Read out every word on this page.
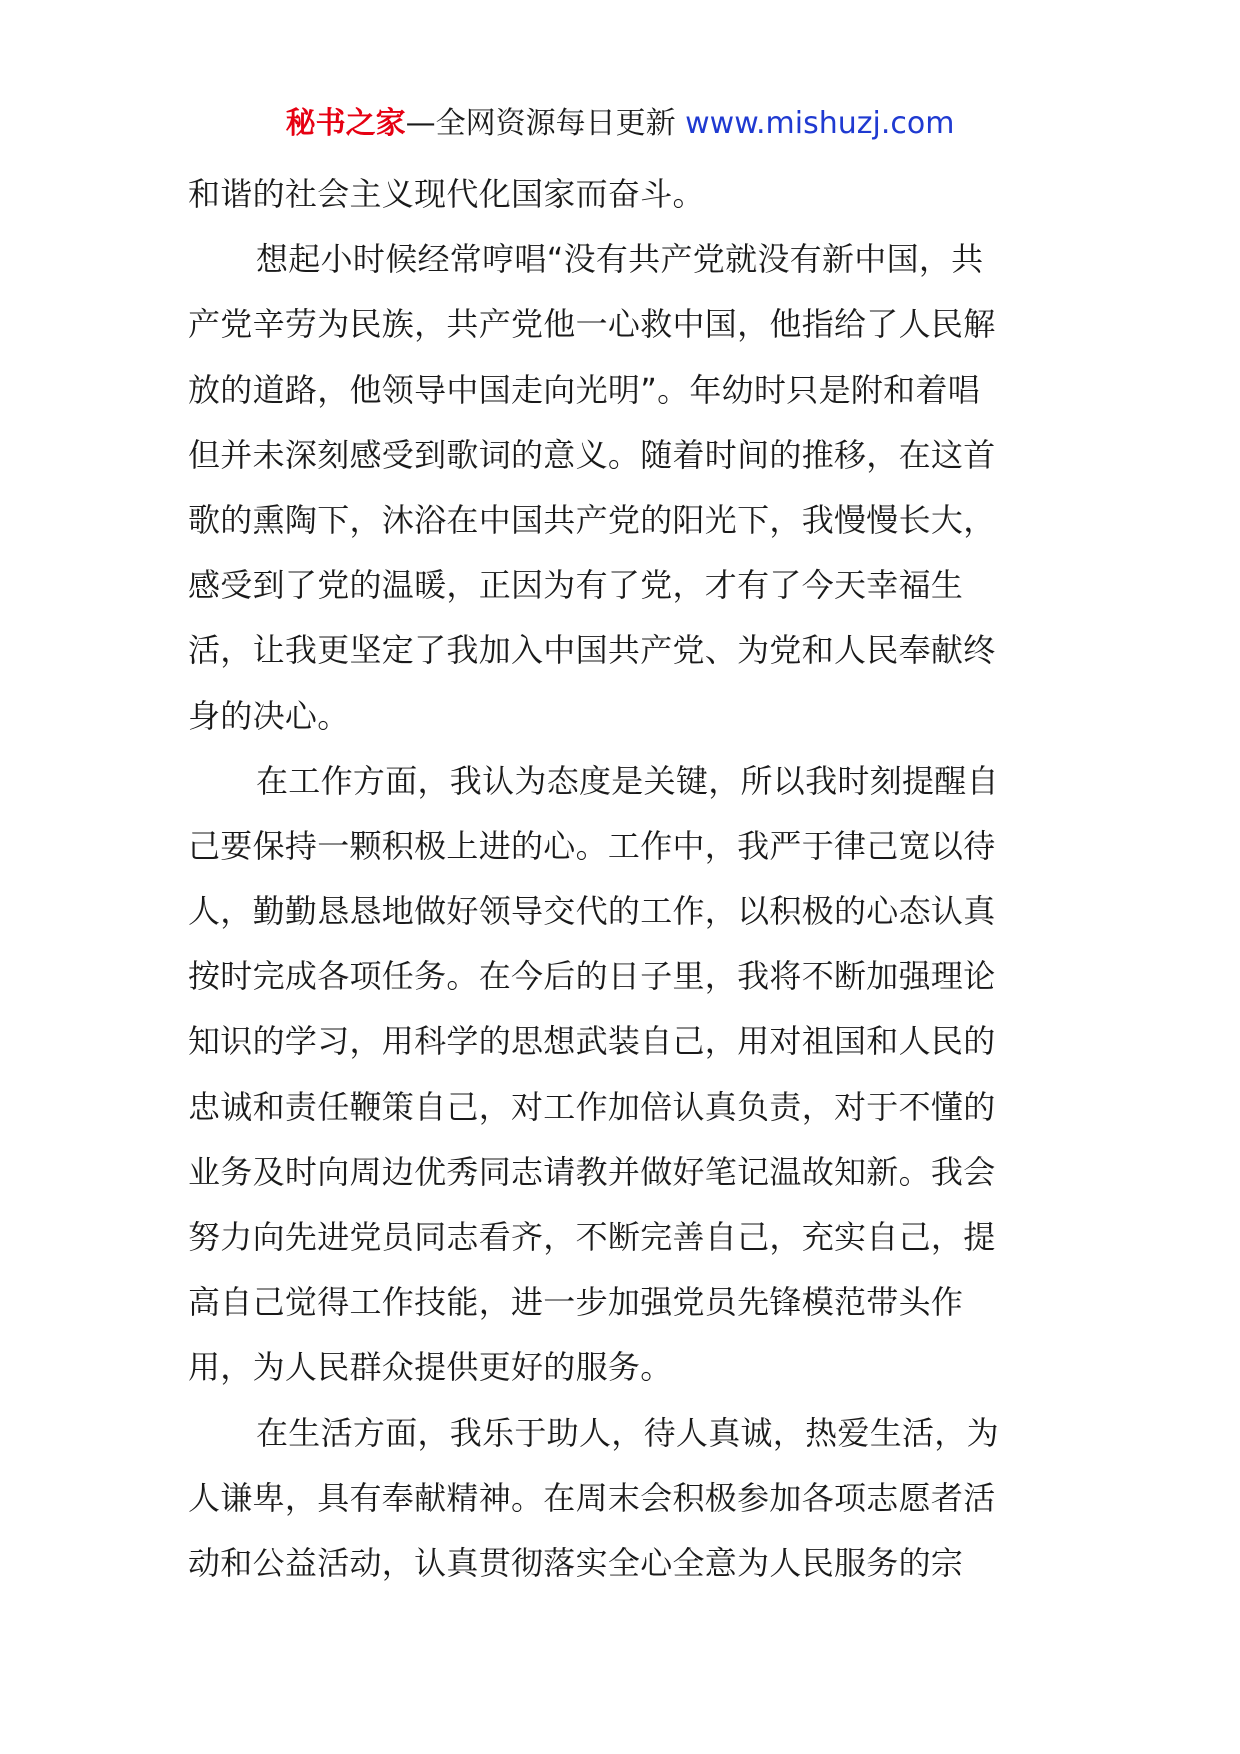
秘书之家—全网资源每日更新 www.mishuzj.com
和谐的社会主义现代化国家而奋斗。
想起小时候经常哼唱“没有共产党就没有新中国，共
产党辛劳为民族，共产党他一心救中国，他指给了人民解
放的道路，他领导中国走向光明”。年幼时只是附和着唱
但并未深刻感受到歌词的意义。随着时间的推移，在这首
歌的熏陶下，沐浴在中国共产党的阳光下，我慢慢长大，
感受到了党的温暖，正因为有了党，才有了今天幸福生
活，让我更坚定了我加入中国共产党、为党和人民奉献终
身的决心。
在工作方面，我认为态度是关键，所以我时刻提醒自
己要保持一颗积极上进的心。工作中，我严于律己宽以待
人，勤勤恳恳地做好领导交代的工作，以积极的心态认真
按时完成各项任务。在今后的日子里，我将不断加强理论
知识的学习，用科学的思想武装自己，用对祖国和人民的
忠诚和责任鞭策自己，对工作加倍认真负责，对于不懂的
业务及时向周边优秀同志请教并做好笔记温故知新。我会
努力向先进党员同志看齐，不断完善自己，充实自己，提
高自己觉得工作技能，进一步加强党员先锋模范带头作
用，为人民群众提供更好的服务。
在生活方面，我乐于助人，待人真诚，热爱生活，为
人谦卑，具有奉献精神。在周末会积极参加各项志愿者活
动和公益活动，认真贯彻落实全心全意为人民服务的宗
